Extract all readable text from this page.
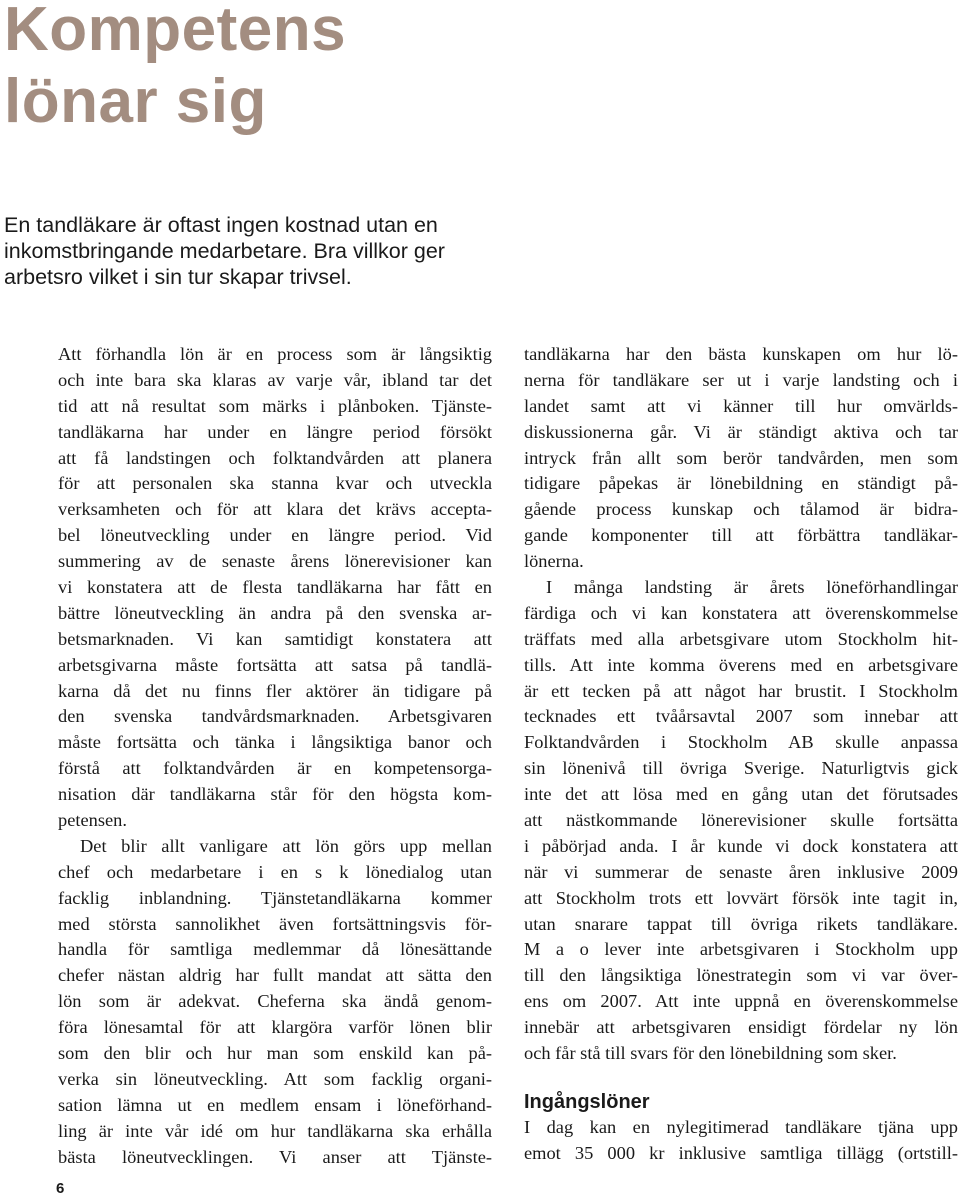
Kompetens
lönar sig

En tandläkare är oftast ingen kostnad utan en
inkomstbringande medarbetare. Bra villkor ger
arbetsro vilket i sin tur skapar trivsel.

Att förhandla lön är en process som är långsiktig
och inte bara ska klaras av varje vår, ibland tar det
tid att nå resultat som märks i plånboken. Tjänste-
tandläkarna har under en längre period försökt
att få landstingen och folktandvården att planera
för att personalen ska stanna kvar och utveckla
verksamheten och för att klara det krävs accepta-
bel löneutveckling under en längre period. Vid
summering av de senaste årens lönerevisioner kan
vi konstatera att de flesta tandläkarna har fått en
bättre löneutveckling än andra på den svenska ar-
betsmarknaden. Vi kan samtidigt konstatera att
arbetsgivarna måste fortsätta att satsa på tandlä-
karna då det nu finns fler aktörer än tidigare på
den svenska tandvårdsmarknaden. Arbetsgivaren
måste fortsätta och tänka i långsiktiga banor och
förstå att folktandvården är en kompetensorga-
nisation där tandläkarna står för den högsta kom-
petensen.
Det blir allt vanligare att lön görs upp mellan
chef och medarbetare i en s k lönedialog utan
facklig inblandning. Tjänstetandläkarna kommer
med största sannolikhet även fortsättningsvis för-
handla för samtliga medlemmar då lönesättande
chefer nästan aldrig har fullt mandat att sätta den
lön som är adekvat. Cheferna ska ändå genom-
föra lönesamtal för att klargöra varför lönen blir
som den blir och hur man som enskild kan på-
verka sin löneutveckling. Att som facklig organi-
sation lämna ut en medlem ensam i löneförhand-
ling är inte vår idé om hur tandläkarna ska erhålla
bästa löneutvecklingen. Vi anser att Tjänste-
tandläkarna har den bästa kunskapen om hur lö-
nerna för tandläkare ser ut i varje landsting och i
landet samt att vi känner till hur omvärlds-
diskussionerna går. Vi är ständigt aktiva och tar
intryck från allt som berör tandvården, men som
tidigare påpekas är lönebildning en ständigt på-
gående process kunskap och tålamod är bidra-
gande komponenter till att förbättra tandläkar-
lönerna.
I många landsting är årets löneförhandlingar
färdiga och vi kan konstatera att överenskommelse
träffats med alla arbetsgivare utom Stockholm hit-
tills. Att inte komma överens med en arbetsgivare
är ett tecken på att något har brustit. I Stockholm
tecknades ett tvåårsavtal 2007 som innebar att
Folktandvården i Stockholm AB skulle anpassa
sin lönenivå till övriga Sverige. Naturligtvis gick
inte det att lösa med en gång utan det förutsades
att nästkommande lönerevisioner skulle fortsätta
i påbörjad anda. I år kunde vi dock konstatera att
när vi summerar de senaste åren inklusive 2009
att Stockholm trots ett lovvärt försök inte tagit in,
utan snarare tappat till övriga rikets tandläkare.
M a o lever inte arbetsgivaren i Stockholm upp
till den långsiktiga lönestrategin som vi var över-
ens om 2007. Att inte uppnå en överenskommelse
innebär att arbetsgivaren ensidigt fördelar ny lön
och får stå till svars för den lönebildning som sker.
Ingångslöner
I dag kan en nylegitimerad tandläkare tjäna upp
emot 35 000 kr inklusive samtliga tillägg (ortstill-
6
